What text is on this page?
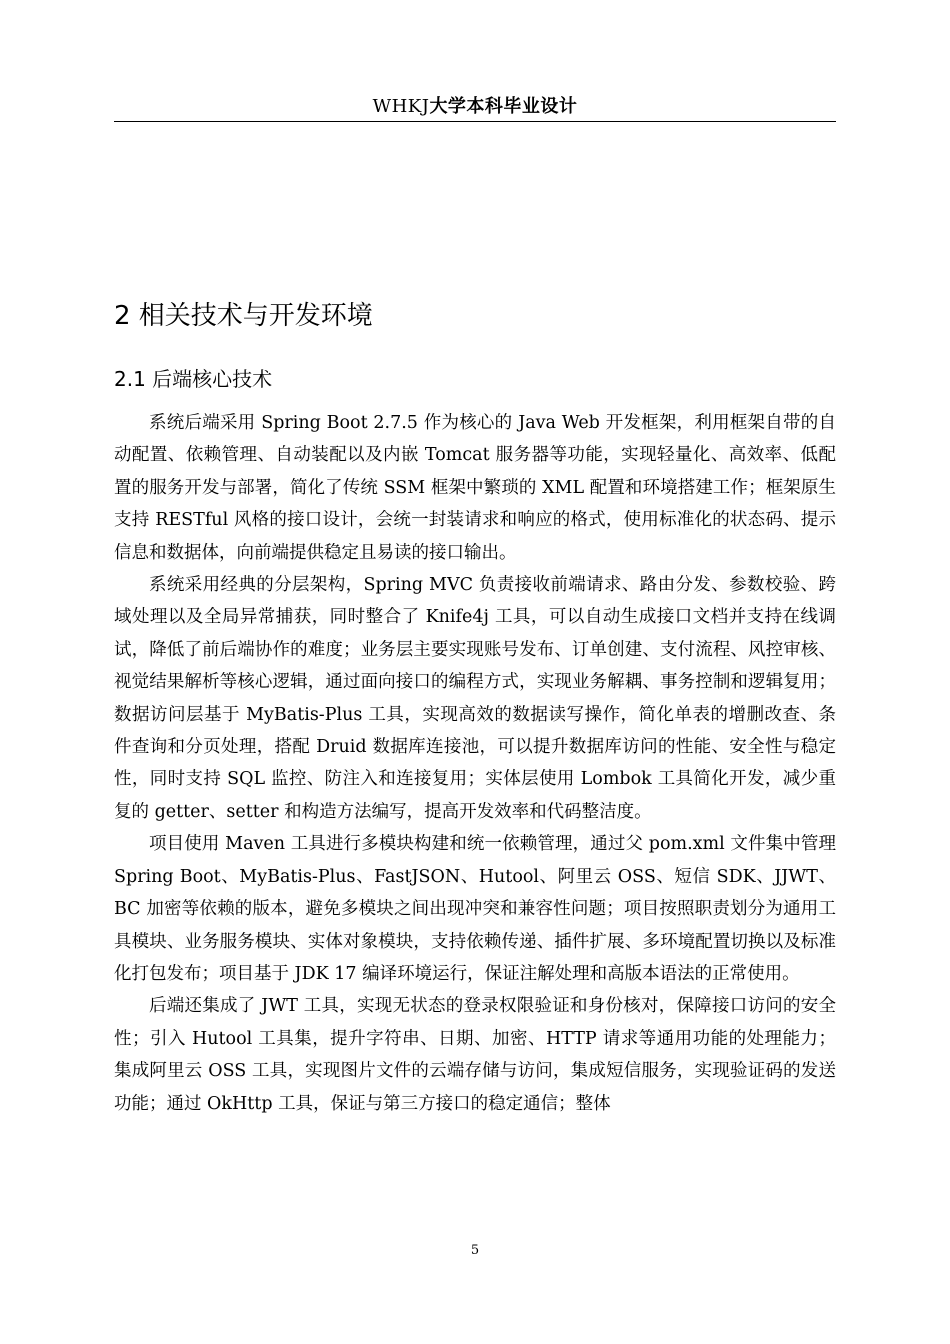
WHKJ大学本科毕业设计
2 相关技术与开发环境
2.1 后端核心技术

系统后端采用 Spring Boot 2.7.5 作为核心的 Java Web 开发框架，利用框架自带的自动配置、依赖管理、自动装配以及内嵌 Tomcat 服务器等功能，实现轻量化、高效率、低配置的服务开发与部署，简化了传统 SSM 框架中繁琐的 XML 配置和环境搭建工作；框架原生支持 RESTful 风格的接口设计，会统一封装请求和响应的格式，使用标准化的状态码、提示信息和数据体，向前端提供稳定且易读的接口输出。

系统采用经典的分层架构，Spring MVC 负责接收前端请求、路由分发、参数校验、跨域处理以及全局异常捕获，同时整合了 Knife4j 工具，可以自动生成接口文档并支持在线调试，降低了前后端协作的难度；业务层主要实现账号发布、订单创建、支付流程、风控审核、视觉结果解析等核心逻辑，通过面向接口的编程方式，实现业务解耦、事务控制和逻辑复用；数据访问层基于 MyBatis-Plus 工具，实现高效的数据读写操作，简化单表的增删改查、条件查询和分页处理，搭配 Druid 数据库连接池，可以提升数据库访问的性能、安全性与稳定性，同时支持 SQL 监控、防注入和连接复用；实体层使用 Lombok 工具简化开发，减少重复的 getter、setter 和构造方法编写，提高开发效率和代码整洁度。

项目使用 Maven 工具进行多模块构建和统一依赖管理，通过父 pom.xml 文件集中管理 Spring Boot、MyBatis-Plus、FastJSON、Hutool、阿里云 OSS、短信 SDK、JJWT、BC 加密等依赖的版本，避免多模块之间出现冲突和兼容性问题；项目按照职责划分为通用工具模块、业务服务模块、实体对象模块，支持依赖传递、插件扩展、多环境配置切换以及标准化打包发布；项目基于 JDK 17 编译环境运行，保证注解处理和高版本语法的正常使用。

后端还集成了 JWT 工具，实现无状态的登录权限验证和身份核对，保障接口访问的安全性；引入 Hutool 工具集，提升字符串、日期、加密、HTTP 请求等通用功能的处理能力；集成阿里云 OSS 工具，实现图片文件的云端存储与访问，集成短信服务，实现验证码的发送功能；通过 OkHttp 工具，保证与第三方接口的稳定通信；整体

5
